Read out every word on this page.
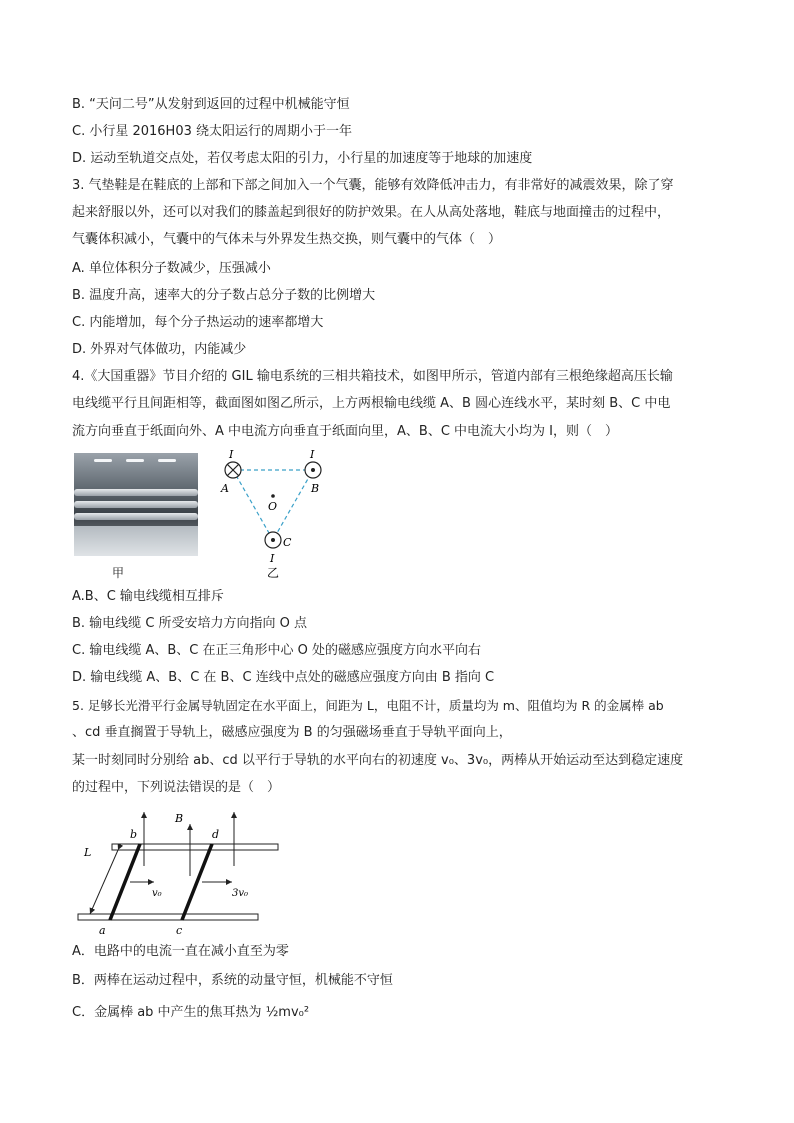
B. “天问二号”从发射到返回的过程中机械能守恒
C. 小行星 2016H03 绕太阳运行的周期小于一年
D. 运动至轨道交点处，若仅考虑太阳的引力，小行星的加速度等于地球的加速度
3. 气垫鞋是在鞋底的上部和下部之间加入一个气囊，能够有效降低冲击力，有非常好的减震效果，除了穿
起来舒服以外，还可以对我们的膝盖起到很好的防护效果。在人从高处落地，鞋底与地面撞击的过程中，
气囊体积减小，气囊中的气体未与外界发生热交换，则气囊中的气体（　）
A. 单位体积分子数减少，压强减小
B. 温度升高，速率大的分子数占总分子数的比例增大
C. 内能增加，每个分子热运动的速率都增大
D. 外界对气体做功，内能减少
4.《大国重器》节目介绍的 GIL 输电系统的三相共箱技术，如图甲所示，管道内部有三根绝缘超高压长输
电线缆平行且间距相等，截面图如图乙所示，上方两根输电线缆 A、B 圆心连线水平，某时刻 B、C 中电
流方向垂直于纸面向外、A 中电流方向垂直于纸面向里，A、B、C 中电流大小均为 I，则（　）
甲
I	I
A	B
O
C
I
乙
A.B、C 输电线缆相互排斥
B. 输电线缆 C 所受安培力方向指向 O 点
C. 输电线缆 A、B、C 在正三角形中心 O 处的磁感应强度方向水平向右
D. 输电线缆 A、B、C 在 B、C 连线中点处的磁感应强度方向由 B 指向 C
5. 足够长光滑平行金属导轨固定在水平面上，间距为 L，电阻不计，质量均为 m、阻值均为 R 的金属棒 ab
、cd 垂直搁置于导轨上，磁感应强度为 B 的匀强磁场垂直于导轨平面向上，
某一时刻同时分别给 ab、cd 以平行于导轨的水平向右的初速度 v₀、3v₀，两棒从开始运动至达到稳定速度
的过程中，下列说法错误的是（　）
b
B
d
L
v₀	3v₀
a	c
A．电路中的电流一直在减小直至为零
B．两棒在运动过程中，系统的动量守恒，机械能不守恒
C．金属棒 ab 中产生的焦耳热为 ½mv₀²
